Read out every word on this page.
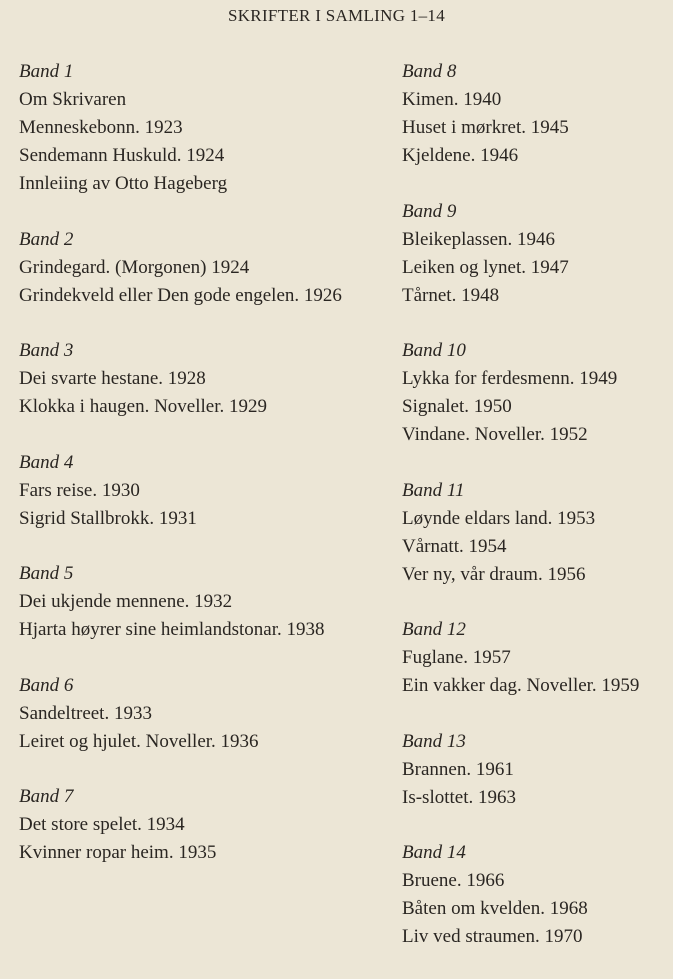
SKRIFTER I SAMLING 1–14
Band 1
Om Skrivaren
Menneskebonn. 1923
Sendemann Huskuld. 1924
Innleiing av Otto Hageberg
Band 2
Grindegard. (Morgonen) 1924
Grindekveld eller Den gode engelen. 1926
Band 3
Dei svarte hestane. 1928
Klokka i haugen. Noveller. 1929
Band 4
Fars reise. 1930
Sigrid Stallbrokk. 1931
Band 5
Dei ukjende mennene. 1932
Hjarta høyrer sine heimlandstonar. 1938
Band 6
Sandeltreet. 1933
Leiret og hjulet. Noveller. 1936
Band 7
Det store spelet. 1934
Kvinner ropar heim. 1935
Band 8
Kimen. 1940
Huset i mørkret. 1945
Kjeldene. 1946
Band 9
Bleikeplassen. 1946
Leiken og lynet. 1947
Tårnet. 1948
Band 10
Lykka for ferdesmenn. 1949
Signalet. 1950
Vindane. Noveller. 1952
Band 11
Løynde eldars land. 1953
Vårnatt. 1954
Ver ny, vår draum. 1956
Band 12
Fuglane. 1957
Ein vakker dag. Noveller. 1959
Band 13
Brannen. 1961
Is-slottet. 1963
Band 14
Bruene. 1966
Båten om kvelden. 1968
Liv ved straumen. 1970
